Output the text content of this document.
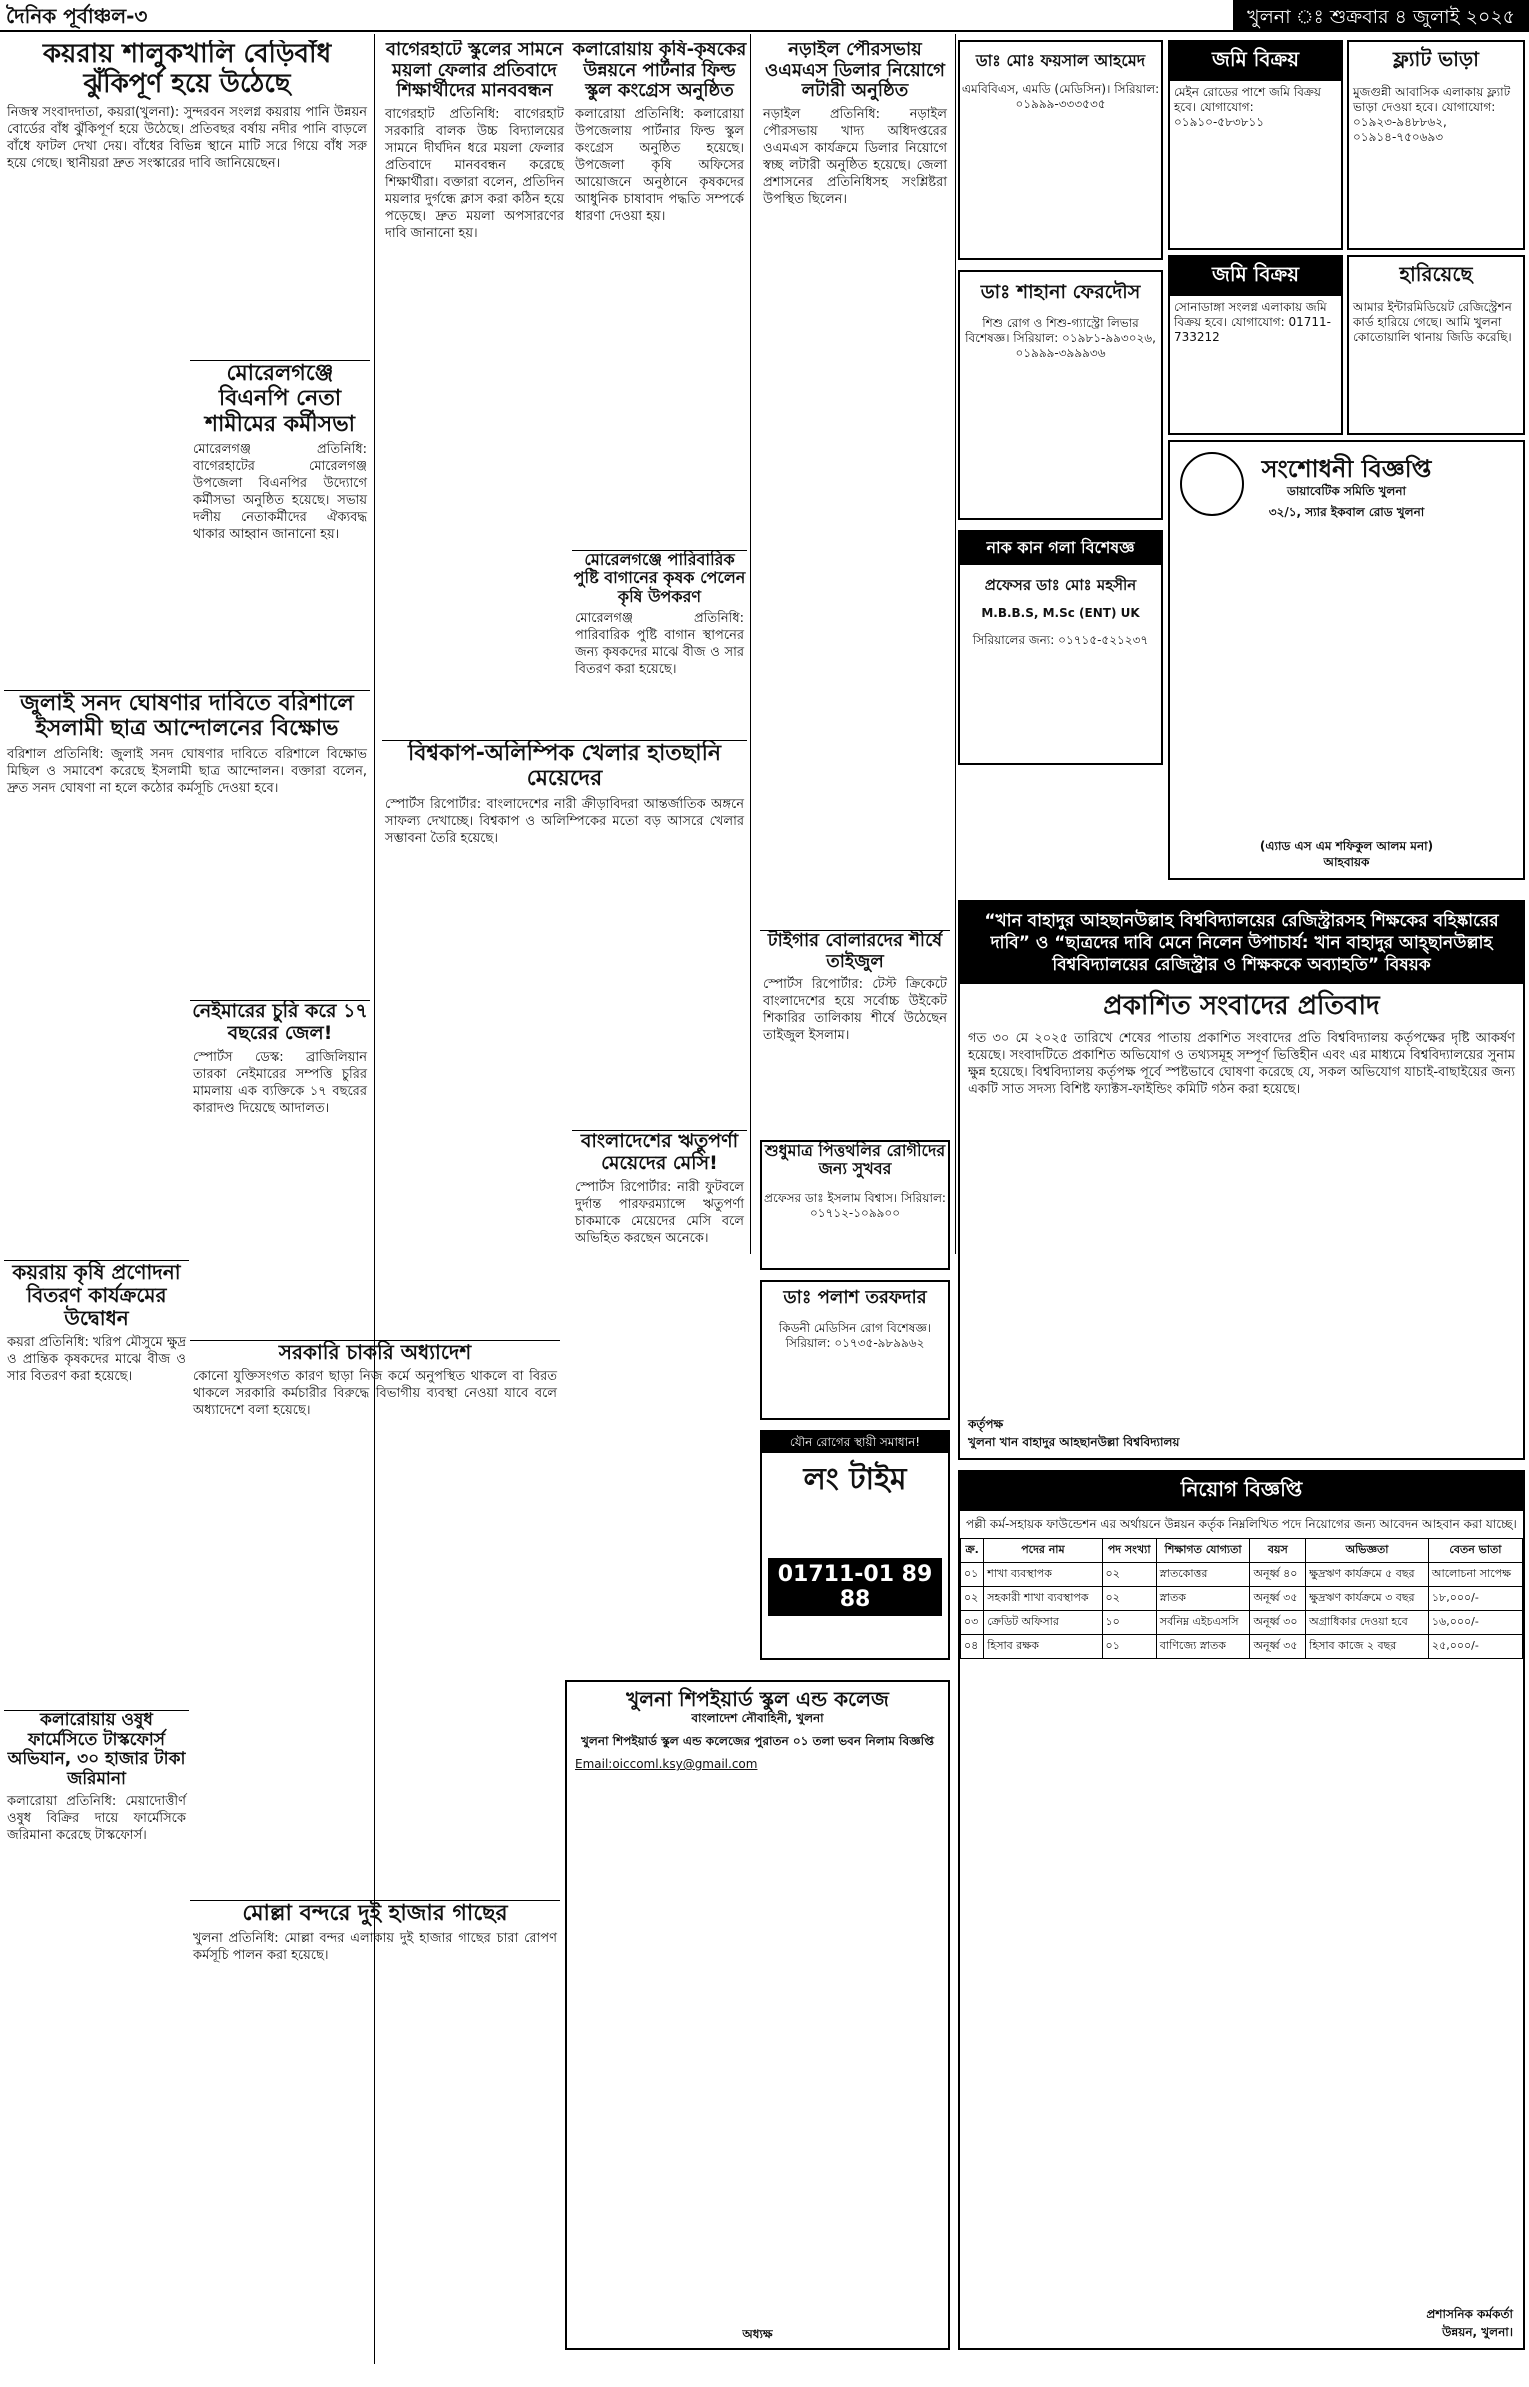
দৈনিক পূর্বাঞ্চল-৩	খুলনা ঃ শুক্রবার ৪ জুলাই ২০২৫

কয়রায় শালুকখালি বেড়িবাঁধ ঝুঁকিপূর্ণ হয়ে উঠেছে

নিজস্ব সংবাদদাতা, কয়রা(খুলনা): সুন্দরবন সংলগ্ন কয়রায় পানি উন্নয়ন বোর্ডের বাঁধ ঝুঁকিপূর্ণ হয়ে উঠেছে। প্রতিবছর বর্ষায় নদীর পানি বাড়লে বাঁধে ফাটল দেখা দেয়। বাঁধের বিভিন্ন স্থানে মাটি সরে গিয়ে বাঁধ সরু হয়ে গেছে। স্থানীয়রা দ্রুত সংস্কারের দাবি জানিয়েছেন।

জুলাই সনদ ঘোষণার দাবিতে বরিশালে ইসলামী ছাত্র আন্দোলনের বিক্ষোভ

বরিশাল প্রতিনিধি: জুলাই সনদ ঘোষণার দাবিতে বরিশালে বিক্ষোভ মিছিল ও সমাবেশ করেছে ইসলামী ছাত্র আন্দোলন। বক্তারা বলেন, দ্রুত সনদ ঘোষণা না হলে কঠোর কর্মসূচি দেওয়া হবে।

কয়রায় কৃষি প্রণোদনা বিতরণ কার্যক্রমের উদ্বোধন

কয়রা প্রতিনিধি: খরিপ মৌসুমে ক্ষুদ্র ও প্রান্তিক কৃষকদের মাঝে বীজ ও সার বিতরণ করা হয়েছে।

কলারোয়ায় ওষুধ ফার্মেসিতে টাস্কফোর্স অভিযান, ৩০ হাজার টাকা জরিমানা

কলারোয়া প্রতিনিধি: মেয়াদোত্তীর্ণ ওষুধ বিক্রির দায়ে ফার্মেসিকে জরিমানা করেছে টাস্কফোর্স।

বাগেরহাটে স্কুলের সামনে ময়লা ফেলার প্রতিবাদে শিক্ষার্থীদের মানববন্ধন

বাগেরহাট প্রতিনিধি: বাগেরহাট সরকারি বালক উচ্চ বিদ্যালয়ের সামনে দীর্ঘদিন ধরে ময়লা ফেলার প্রতিবাদে মানববন্ধন করেছে শিক্ষার্থীরা। বক্তারা বলেন, প্রতিদিন ময়লার দুর্গন্ধে ক্লাস করা কঠিন হয়ে পড়েছে। দ্রুত ময়লা অপসারণের দাবি জানানো হয়।

কলারোয়ায় কৃষি-কৃষকের উন্নয়নে পার্টনার ফিল্ড স্কুল কংগ্রেস অনুষ্ঠিত

কলারোয়া প্রতিনিধি: কলারোয়া উপজেলায় পার্টনার ফিল্ড স্কুল কংগ্রেস অনুষ্ঠিত হয়েছে। উপজেলা কৃষি অফিসের আয়োজনে অনুষ্ঠানে কৃষকদের আধুনিক চাষাবাদ পদ্ধতি সম্পর্কে ধারণা দেওয়া হয়।

মোরেলগঞ্জে বিএনপি নেতা শামীমের কর্মীসভা

মোরেলগঞ্জ প্রতিনিধি: বাগেরহাটের মোরেলগঞ্জ উপজেলা বিএনপির উদ্যোগে কর্মীসভা অনুষ্ঠিত হয়েছে। সভায় দলীয় নেতাকর্মীদের ঐক্যবদ্ধ থাকার আহ্বান জানানো হয়।

বিশ্বকাপ-অলিম্পিক খেলার হাতছানি মেয়েদের

স্পোর্টস রিপোর্টার: বাংলাদেশের নারী ক্রীড়াবিদরা আন্তর্জাতিক অঙ্গনে সাফল্য দেখাচ্ছে। বিশ্বকাপ ও অলিম্পিকের মতো বড় আসরে খেলার সম্ভাবনা তৈরি হয়েছে।

নেইমারের চুরি করে ১৭ বছরের জেল!

স্পোর্টস ডেস্ক: ব্রাজিলিয়ান তারকা নেইমারের সম্পত্তি চুরির মামলায় এক ব্যক্তিকে ১৭ বছরের কারাদণ্ড দিয়েছে আদালত।

মোরেলগঞ্জে পারিবারিক পুষ্টি বাগানের কৃষক পেলেন কৃষি উপকরণ

মোরেলগঞ্জ প্রতিনিধি: পারিবারিক পুষ্টি বাগান স্থাপনের জন্য কৃষকদের মাঝে বীজ ও সার বিতরণ করা হয়েছে।

নড়াইল পৌরসভায় ওএমএস ডিলার নিয়োগে লটারী অনুষ্ঠিত

নড়াইল প্রতিনিধি: নড়াইল পৌরসভায় খাদ্য অধিদপ্তরের ওএমএস কার্যক্রমে ডিলার নিয়োগে স্বচ্ছ লটারী অনুষ্ঠিত হয়েছে। জেলা প্রশাসনের প্রতিনিধিসহ সংশ্লিষ্টরা উপস্থিত ছিলেন।

টাইগার বোলারদের শীর্ষে তাইজুল

স্পোর্টস রিপোর্টার: টেস্ট ক্রিকেটে বাংলাদেশের হয়ে সর্বোচ্চ উইকেট শিকারির তালিকায় শীর্ষে উঠেছেন তাইজুল ইসলাম।

বাংলাদেশের ঋতুপর্ণা মেয়েদের মেসি!

স্পোর্টস রিপোর্টার: নারী ফুটবলে দুর্দান্ত পারফরম্যান্সে ঋতুপর্ণা চাকমাকে মেয়েদের মেসি বলে অভিহিত করছেন অনেকে।

সরকারি চাকরি অধ্যাদেশ

কোনো যুক্তিসংগত কারণ ছাড়া নিজ কর্মে অনুপস্থিত থাকলে বা বিরত থাকলে সরকারি কর্মচারীর বিরুদ্ধে বিভাগীয় ব্যবস্থা নেওয়া যাবে বলে অধ্যাদেশে বলা হয়েছে।

মোল্লা বন্দরে দুই হাজার গাছের

খুলনা প্রতিনিধি: মোল্লা বন্দর এলাকায় দুই হাজার গাছের চারা রোপণ কর্মসূচি পালন করা হয়েছে।

শুধুমাত্র পিত্তথলির রোগীদের জন্য সুখবর

প্রফেসর ডাঃ ইসলাম বিশ্বাস। সিরিয়াল: ০১৭১২-১০৯৯০০

ডাঃ পলাশ তরফদার

কিডনী মেডিসিন রোগ বিশেষজ্ঞ। সিরিয়াল: ০১৭৩৫-৯৮৯৯৬২

যৌন রোগের স্থায়ী সমাধান!

লং টাইম

01711-01 89 88

খুলনা শিপইয়ার্ড স্কুল এন্ড কলেজ

বাংলাদেশ নৌবাহিনী, খুলনা

খুলনা শিপইয়ার্ড স্কুল এন্ড কলেজের পুরাতন ০১ তলা ভবন নিলাম বিজ্ঞপ্তি

Email:oiccoml.ksy@gmail.com

অধ্যক্ষ

ডাঃ মোঃ ফয়সাল আহমেদ

এমবিবিএস, এমডি (মেডিসিন)। সিরিয়াল: ০১৯৯৯-৩৩৩৫৩৫

ডাঃ শাহানা ফেরদৌস

শিশু রোগ ও শিশু-গ্যাস্ট্রো লিভার বিশেষজ্ঞ। সিরিয়াল: ০১৯৮১-৯৯৩০২৬, ০১৯৯৯-৩৯৯৯৩৬

নাক কান গলা বিশেষজ্ঞ

প্রফেসর ডাঃ মোঃ মহসীন

M.B.B.S, M.Sc (ENT) UK

সিরিয়ালের জন্য: ০১৭১৫-৫২১২৩৭

জমি বিক্রয়

মেইন রোডের পাশে জমি বিক্রয় হবে। যোগাযোগ: ০১৯১০-৫৮৩৮১১

ফ্ল্যাট ভাড়া

মুজগুন্নী আবাসিক এলাকায় ফ্ল্যাট ভাড়া দেওয়া হবে। যোগাযোগ: ০১৯২৩-৯৪৮৮৬২, ০১৯১৪-৭৫০৬৯৩

জমি বিক্রয়

সোনাডাঙ্গা সংলগ্ন এলাকায় জমি বিক্রয় হবে। যোগাযোগ: 01711-733212

হারিয়েছে

আমার ইন্টারমিডিয়েট রেজিস্ট্রেশন কার্ড হারিয়ে গেছে। আমি খুলনা কোতোয়ালি থানায় জিডি করেছি।

সংশোধনী বিজ্ঞপ্তি

ডায়াবেটিক সমিতি খুলনা

৩২/১, স্যার ইকবাল রোড খুলনা

(এ্যাড এস এম শফিকুল আলম মনা)

আহবায়ক

“খান বাহাদুর আহছানউল্লাহ বিশ্ববিদ্যালয়ের রেজিস্ট্রারসহ শিক্ষকের বহিষ্কারের দাবি” ও “ছাত্রদের দাবি মেনে নিলেন উপাচার্য: খান বাহাদুর আহ্ছানউল্লাহ বিশ্ববিদ্যালয়ের রেজিস্ট্রার ও শিক্ষককে অব্যাহতি” বিষয়ক

প্রকাশিত সংবাদের প্রতিবাদ

গত ৩০ মে ২০২৫ তারিখে শেষের পাতায় প্রকাশিত সংবাদের প্রতি বিশ্ববিদ্যালয় কর্তৃপক্ষের দৃষ্টি আকর্ষণ হয়েছে। সংবাদটিতে প্রকাশিত অভিযোগ ও তথ্যসমূহ সম্পূর্ণ ভিত্তিহীন এবং এর মাধ্যমে বিশ্ববিদ্যালয়ের সুনাম ক্ষুন্ন হয়েছে। বিশ্ববিদ্যালয় কর্তৃপক্ষ পূর্বে স্পষ্টভাবে ঘোষণা করেছে যে, সকল অভিযোগ যাচাই-বাছাইয়ের জন্য একটি সাত সদস্য বিশিষ্ট ফ্যাক্টস-ফাইন্ডিং কমিটি গঠন করা হয়েছে।

কর্তৃপক্ষ

খুলনা খান বাহাদুর আহছানউল্লা বিশ্ববিদ্যালয়

নিয়োগ বিজ্ঞপ্তি

পল্লী কর্ম-সহায়ক ফাউন্ডেশন এর অর্থায়নে উন্নয়ন কর্তৃক নিম্নলিখিত পদে নিয়োগের জন্য আবেদন আহবান করা যাচ্ছে।

ক্র.	পদের নাম	পদ সংখ্যা	শিক্ষাগত যোগ্যতা	বয়স	অভিজ্ঞতা	বেতন ভাতা
০১	শাখা ব্যবস্থাপক	০২	স্নাতকোত্তর	অনূর্ধ্ব ৪০	ক্ষুদ্রঋণ কার্যক্রমে ৫ বছর	আলোচনা সাপেক্ষ
০২	সহকারী শাখা ব্যবস্থাপক	০২	স্নাতক	অনূর্ধ্ব ৩৫	ক্ষুদ্রঋণ কার্যক্রমে ৩ বছর	১৮,০০০/-
০৩	ক্রেডিট অফিসার	১০	সর্বনিম্ন এইচএসসি	অনূর্ধ্ব ৩০	অগ্রাধিকার দেওয়া হবে	১৬,০০০/-
০৪	হিসাব রক্ষক	০১	বাণিজ্যে স্নাতক	অনূর্ধ্ব ৩৫	হিসাব কাজে ২ বছর	২৫,০০০/-

প্রশাসনিক কর্মকর্তা

উন্নয়ন, খুলনা।
